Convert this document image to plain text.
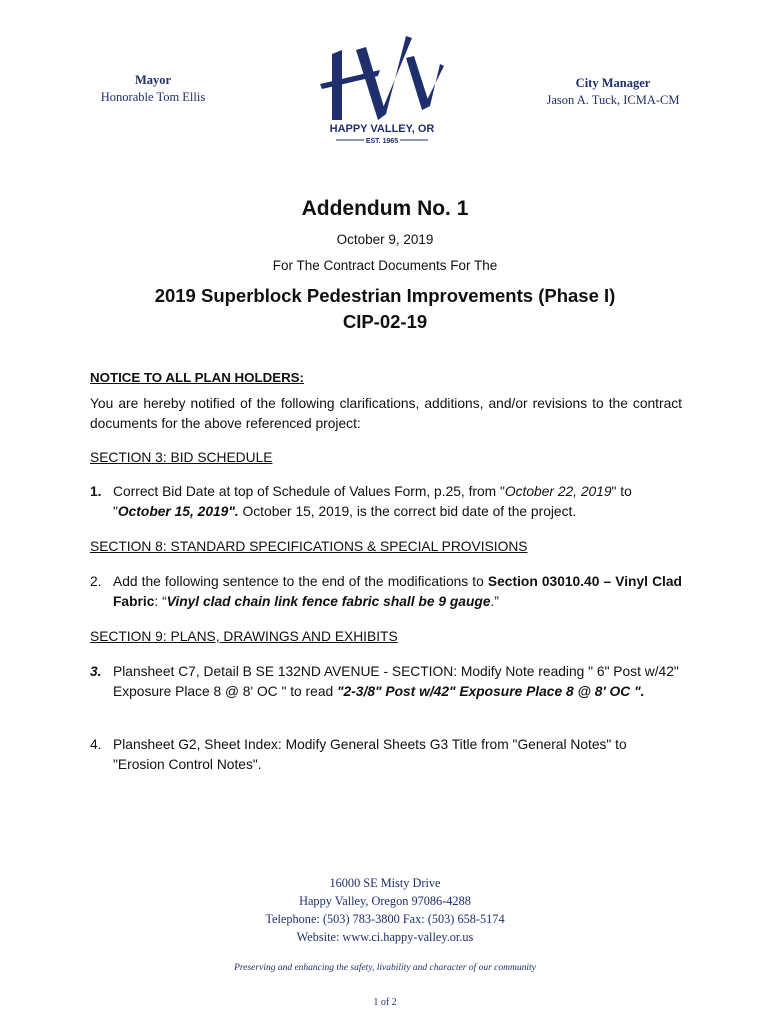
Mayor
Honorable Tom Ellis
HAPPY VALLEY, OR
EST. 1965
City Manager
Jason A. Tuck, ICMA-CM
Addendum No. 1
October 9, 2019
For The Contract Documents For The
2019 Superblock Pedestrian Improvements (Phase I)
CIP-02-19
NOTICE TO ALL PLAN HOLDERS:
You are hereby notified of the following clarifications, additions, and/or revisions to the contract documents for the above referenced project:
SECTION 3: BID SCHEDULE
1. Correct Bid Date at top of Schedule of Values Form, p.25, from "October 22, 2019" to "October 15, 2019". October 15, 2019, is the correct bid date of the project.
SECTION 8: STANDARD SPECIFICATIONS & SPECIAL PROVISIONS
2. Add the following sentence to the end of the modifications to Section 03010.40 – Vinyl Clad Fabric: “Vinyl clad chain link fence fabric shall be 9 gauge.”
SECTION 9: PLANS, DRAWINGS AND EXHIBITS
3. Plansheet C7, Detail B SE 132ND AVENUE - SECTION: Modify Note reading " 6" Post w/42" Exposure Place 8 @ 8' OC " to read "2-3/8" Post w/42" Exposure Place 8 @ 8' OC ".
4. Plansheet G2, Sheet Index: Modify General Sheets G3 Title from "General Notes" to "Erosion Control Notes".
16000 SE Misty Drive
Happy Valley, Oregon 97086-4288
Telephone: (503) 783-3800 Fax: (503) 658-5174
Website: www.ci.happy-valley.or.us
Preserving and enhancing the safety, livability and character of our community
1 of 2
